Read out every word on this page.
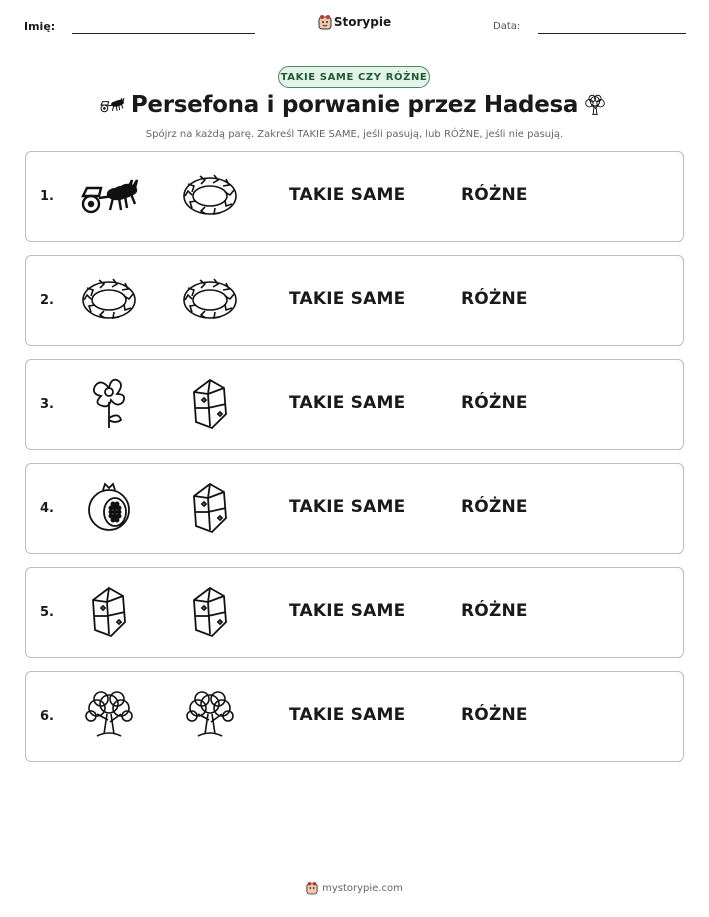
Imię:	Storypie	Data:
TAKIE SAME CZY RÓŻNE
Persefona i porwanie przez Hadesa
Spójrz na każdą parę. Zakreśl TAKIE SAME, jeśli pasują, lub RÓŻNE, jeśli nie pasują.
1.	TAKIE SAME	RÓŻNE
2.	TAKIE SAME	RÓŻNE
3.	TAKIE SAME	RÓŻNE
4.	TAKIE SAME	RÓŻNE
5.	TAKIE SAME	RÓŻNE
6.	TAKIE SAME	RÓŻNE
mystorypie.com
